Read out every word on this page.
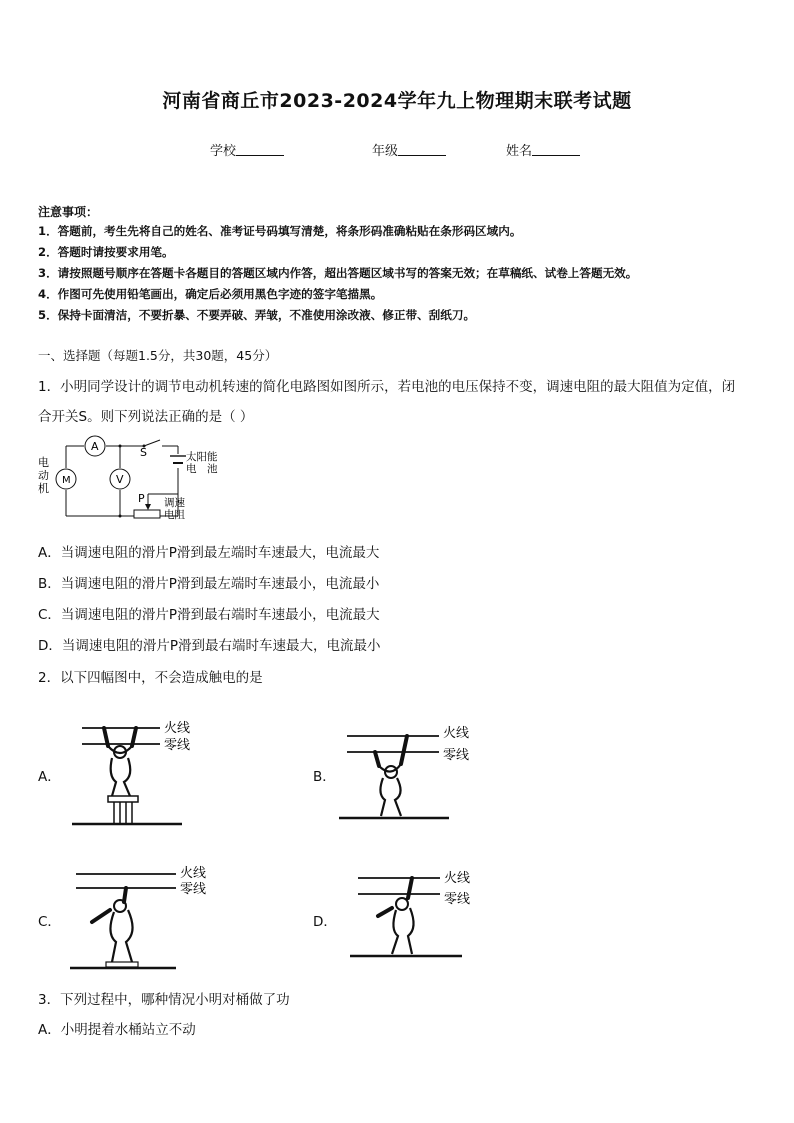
河南省商丘市2023-2024学年九上物理期末联考试题
学校	年级	姓名
注意事项：
1．答题前，考生先将自己的姓名、准考证号码填写清楚，将条形码准确粘贴在条形码区域内。
2．答题时请按要求用笔。
3．请按照题号顺序在答题卡各题目的答题区域内作答，超出答题区域书写的答案无效；在草稿纸、试卷上答题无效。
4．作图可先使用铅笔画出，确定后必须用黑色字迹的签字笔描黑。
5．保持卡面清洁，不要折暴、不要弄破、弄皱，不准使用涂改液、修正带、刮纸刀。
一、选择题（每题1.5分，共30题，45分）
1．小明同学设计的调节电动机转速的简化电路图如图所示，若电池的电压保持不变，调速电阻的最大阻值为定值，闭
合开关S。则下列说法正确的是（ ）
A
M	V
S
P
电
动
机
太阳能
电　池
调速
电阻
A．当调速电阻的滑片P滑到最左端时车速最大，电流最大
B．当调速电阻的滑片P滑到最左端时车速最小，电流最小
C．当调速电阻的滑片P滑到最右端时车速最小，电流最大
D．当调速电阻的滑片P滑到最右端时车速最大，电流最小
2．以下四幅图中，不会造成触电的是
A．
火线
零线
B．
火线
零线
C．
火线
零线
D．
火线
零线
3．下列过程中，哪种情况小明对桶做了功
A．小明提着水桶站立不动
